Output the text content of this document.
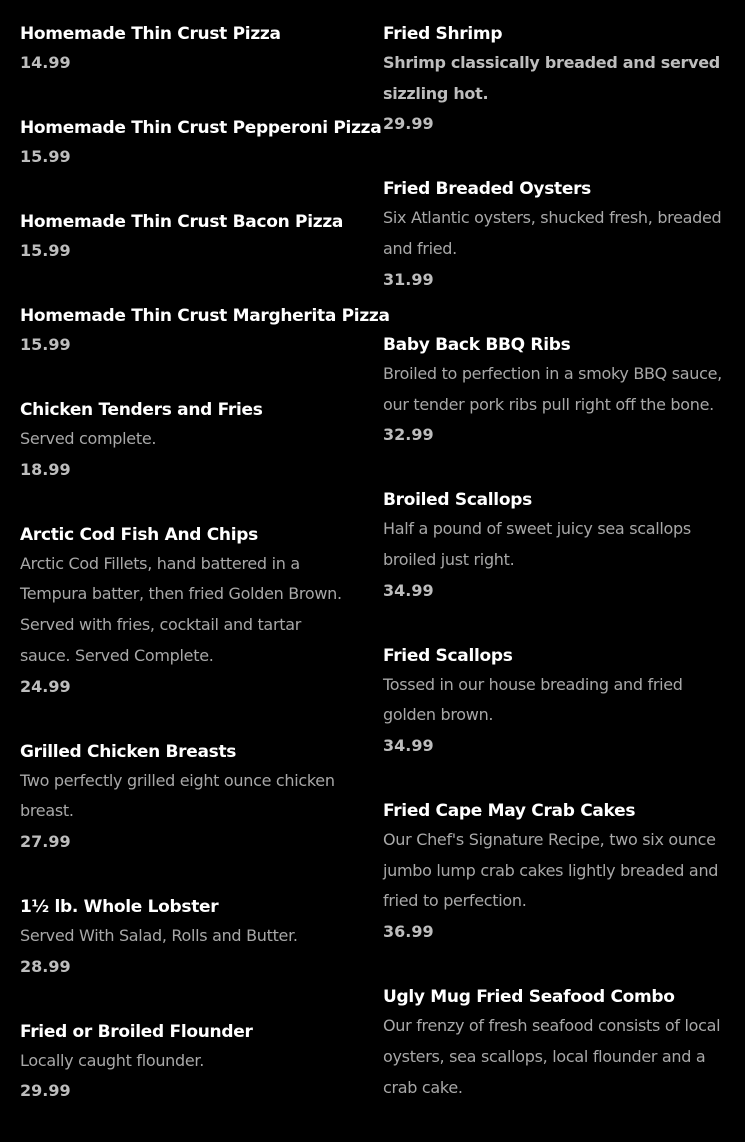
Homemade Thin Crust Pizza
14.99
Homemade Thin Crust Pepperoni Pizza
15.99
Homemade Thin Crust Bacon Pizza
15.99
Homemade Thin Crust Margherita Pizza
15.99
Chicken Tenders and Fries
Served complete.
18.99
Arctic Cod Fish And Chips
Arctic Cod Fillets, hand battered in a Tempura batter, then fried Golden Brown. Served with fries, cocktail and tartar sauce. Served Complete.
24.99
Grilled Chicken Breasts
Two perfectly grilled eight ounce chicken breast.
27.99
1½ lb. Whole Lobster
Served With Salad, Rolls and Butter.
28.99
Fried or Broiled Flounder
Locally caught flounder.
29.99
Fried Shrimp
Shrimp classically breaded and served sizzling hot.
29.99
Fried Breaded Oysters
Six Atlantic oysters, shucked fresh, breaded and fried.
31.99
Baby Back BBQ Ribs
Broiled to perfection in a smoky BBQ sauce, our tender pork ribs pull right off the bone.
32.99
Broiled Scallops
Half a pound of sweet juicy sea scallops broiled just right.
34.99
Fried Scallops
Tossed in our house breading and fried golden brown.
34.99
Fried Cape May Crab Cakes
Our Chef's Signature Recipe, two six ounce jumbo lump crab cakes lightly breaded and fried to perfection.
36.99
Ugly Mug Fried Seafood Combo
Our frenzy of fresh seafood consists of local oysters, sea scallops, local flounder and a crab cake.
